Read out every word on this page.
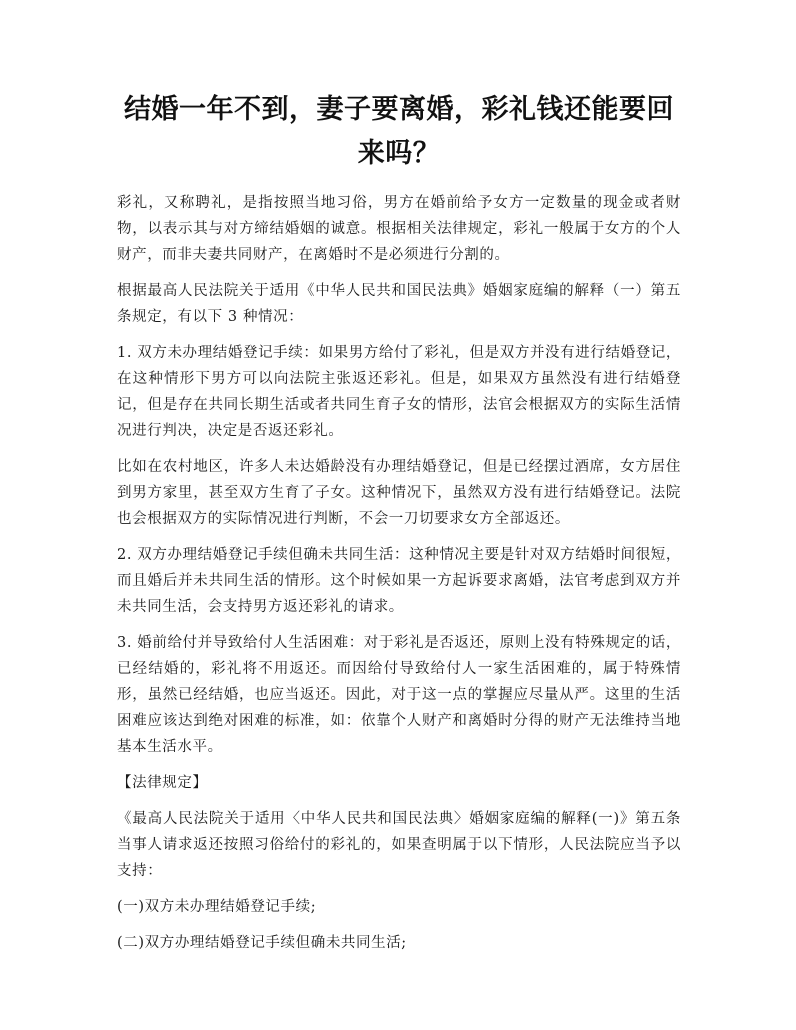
结婚一年不到，妻子要离婚，彩礼钱还能要回来吗？

彩礼，又称聘礼，是指按照当地习俗，男方在婚前给予女方一定数量的现金或者财物，以表示其与对方缔结婚姻的诚意。根据相关法律规定，彩礼一般属于女方的个人财产，而非夫妻共同财产，在离婚时不是必须进行分割的。

根据最高人民法院关于适用《中华人民共和国民法典》婚姻家庭编的解释（一）第五条规定，有以下 3 种情况：

1. 双方未办理结婚登记手续：如果男方给付了彩礼，但是双方并没有进行结婚登记，在这种情形下男方可以向法院主张返还彩礼。但是，如果双方虽然没有进行结婚登记，但是存在共同长期生活或者共同生育子女的情形，法官会根据双方的实际生活情况进行判决，决定是否返还彩礼。

比如在农村地区，许多人未达婚龄没有办理结婚登记，但是已经摆过酒席，女方居住到男方家里，甚至双方生育了子女。这种情况下，虽然双方没有进行结婚登记。法院也会根据双方的实际情况进行判断，不会一刀切要求女方全部返还。

2. 双方办理结婚登记手续但确未共同生活：这种情况主要是针对双方结婚时间很短，而且婚后并未共同生活的情形。这个时候如果一方起诉要求离婚，法官考虑到双方并未共同生活，会支持男方返还彩礼的请求。

3. 婚前给付并导致给付人生活困难：对于彩礼是否返还，原则上没有特殊规定的话，已经结婚的，彩礼将不用返还。而因给付导致给付人一家生活困难的，属于特殊情形，虽然已经结婚，也应当返还。因此，对于这一点的掌握应尽量从严。这里的生活困难应该达到绝对困难的标准，如：依靠个人财产和离婚时分得的财产无法维持当地基本生活水平。

【法律规定】

《最高人民法院关于适用〈中华人民共和国民法典〉婚姻家庭编的解释(一)》第五条 当事人请求返还按照习俗给付的彩礼的，如果查明属于以下情形，人民法院应当予以支持：

(一)双方未办理结婚登记手续;

(二)双方办理结婚登记手续但确未共同生活;
